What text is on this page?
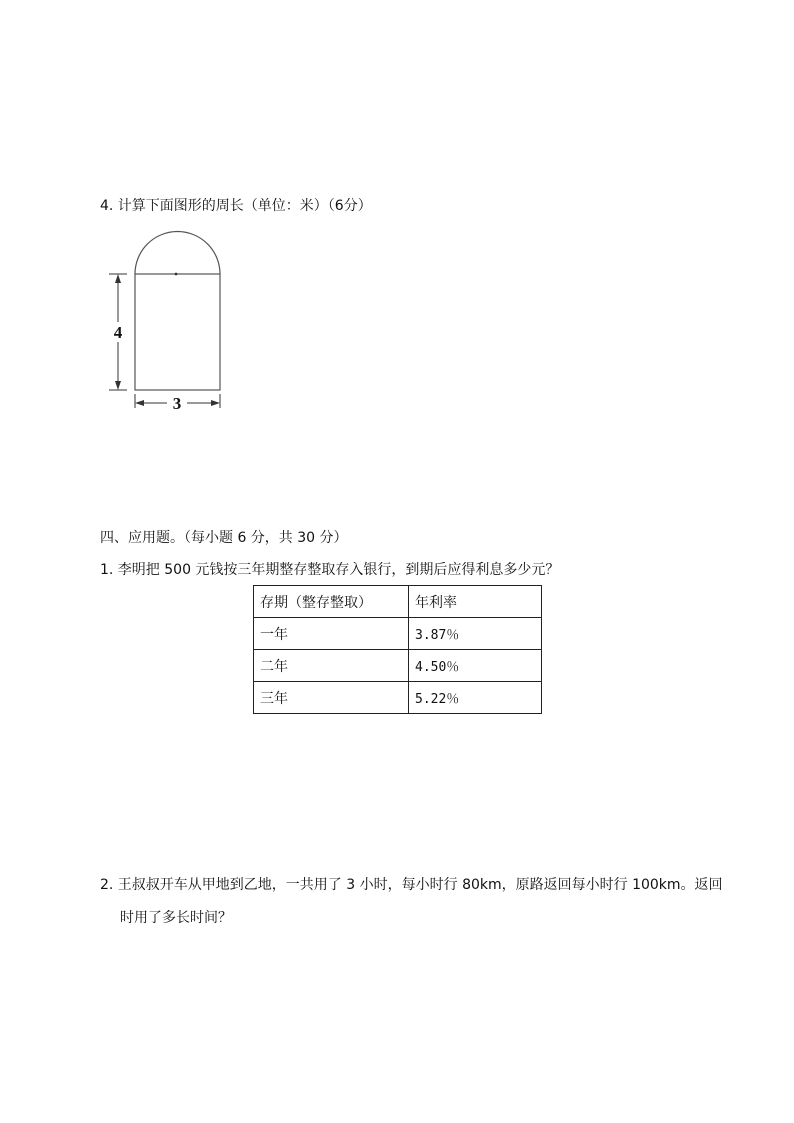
4. 计算下面图形的周长（单位：米）（6分）
4
3
四、应用题。（每小题 6 分，共 30 分）
1. 李明把 500 元钱按三年期整存整取存入银行，到期后应得利息多少元？
存期（整存整取）	年利率
一年	3.87％
二年	4.50％
三年	5.22％
2. 王叔叔开车从甲地到乙地，一共用了 3 小时，每小时行 80km，原路返回每小时行 100km。返回
时用了多长时间？
